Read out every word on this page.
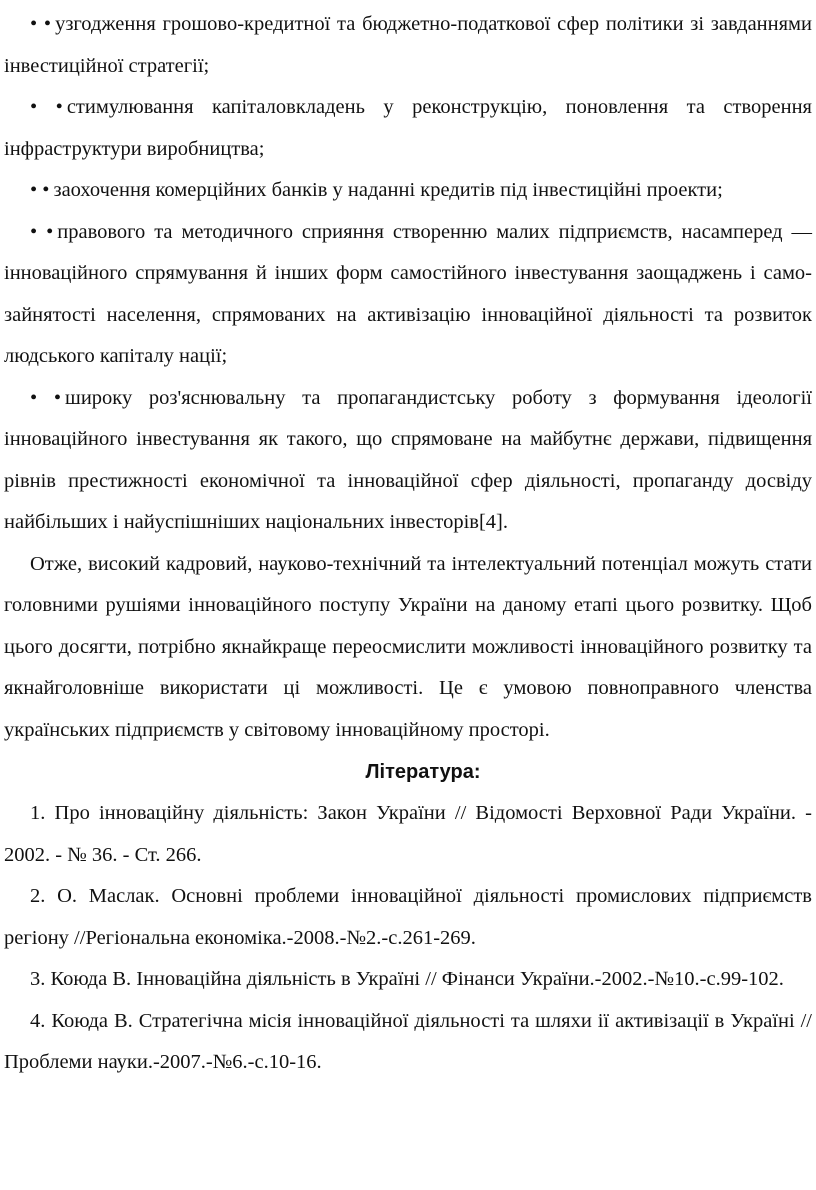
• • узгодження грошово-кредитної та бюджетно-податкової сфер політики зі завданнями інвестиційної стратегії;

• • стимулювання капіталовкладень у реконструкцію, поновлення та створення інфраструктури виробництва;

• • заохочення комерційних банків у наданні кредитів під інвестиційні проекти;

• • правового та методичного сприяння створенню малих підприємств, насамперед — інноваційного спрямування й інших форм самостійного інвестування заощаджень і само-зайнятості населення, спрямованих на активізацію інноваційної діяльності та розвиток людського капіталу нації;

• • широку роз'яснювальну та пропагандистську роботу з формування ідеології інноваційного інвестування як такого, що спрямоване на майбутнє держави, підвищення рівнів престижності економічної та інноваційної сфер діяльності, пропаганду досвіду найбільших і найуспішніших національних інвесторів[4].

Отже, високий кадровий, науково-технічний та інтелектуальний потенціал можуть стати головними рушіями інноваційного поступу України на даному етапі цього розвитку. Щоб цього досягти, потрібно якнайкраще переосмислити можливості інноваційного розвитку та якнайголовніше використати ці можливості. Це є умовою повноправного членства українських підприємств у світовому інноваційному просторі.

Література:

1. Про інноваційну діяльність: Закон України // Відомості Верховної Ради України. - 2002. - № 36. - Ст. 266.

2. О. Маслак. Основні проблеми інноваційної діяльності промислових підприємств регіону //Регіональна економіка.-2008.-№2.-с.261-269.

3. Коюда В. Інноваційна діяльність в Україні // Фінанси України.-2002.-№10.-с.99-102.

4. Коюда В. Стратегічна місія інноваційної діяльності та шляхи ії активізації в Україні // Проблеми науки.-2007.-№6.-с.10-16.
